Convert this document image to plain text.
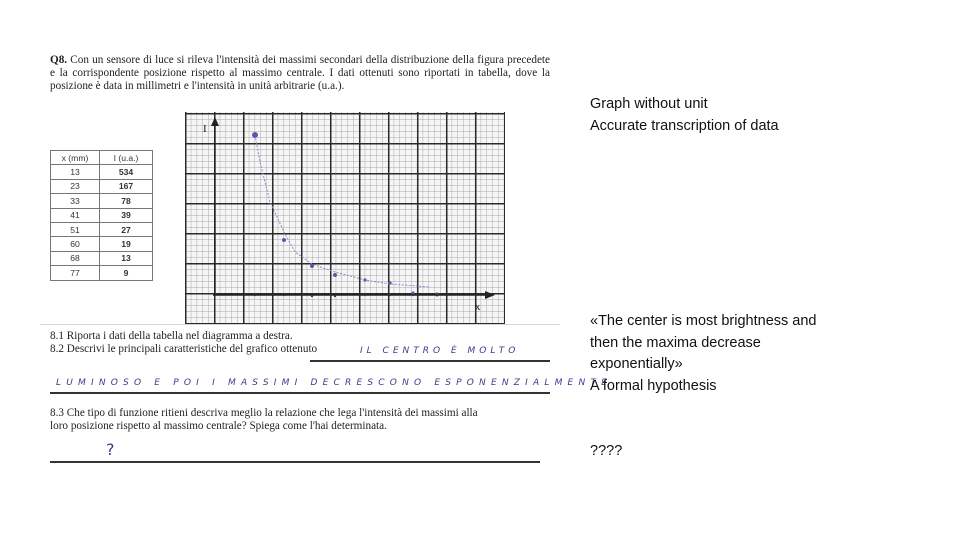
Q8. Con un sensore di luce si rileva l'intensità dei massimi secondari della distribuzione della figura precedete e la corrispondente posizione rispetto al massimo centrale. I dati ottenuti sono riportati in tabella, dove la posizione è data in millimetri e l'intensità in unità arbitrarie (u.a.).
x (mm)	I (u.a.)
13	534
23	167
33	78
41	39
51	27
60	19
68	13
77	9
I
x
8.1 Riporta i dati della tabella nel diagramma a destra.
8.2 Descrivi le principali caratteristiche del grafico ottenuto	IL CENTRO È MOLTO
LUMINOSO E POI I MASSIMI DECRESCONO ESPONENZIALMENTE
8.3 Che tipo di funzione ritieni descriva meglio la relazione che lega l'intensità dei massimi alla
loro posizione rispetto al massimo centrale? Spiega come l'hai determinata.
?
Graph without unit
Accurate transcription of data
«The center is most brightness and
then the maxima decrease
exponentially»
A formal hypothesis
????
